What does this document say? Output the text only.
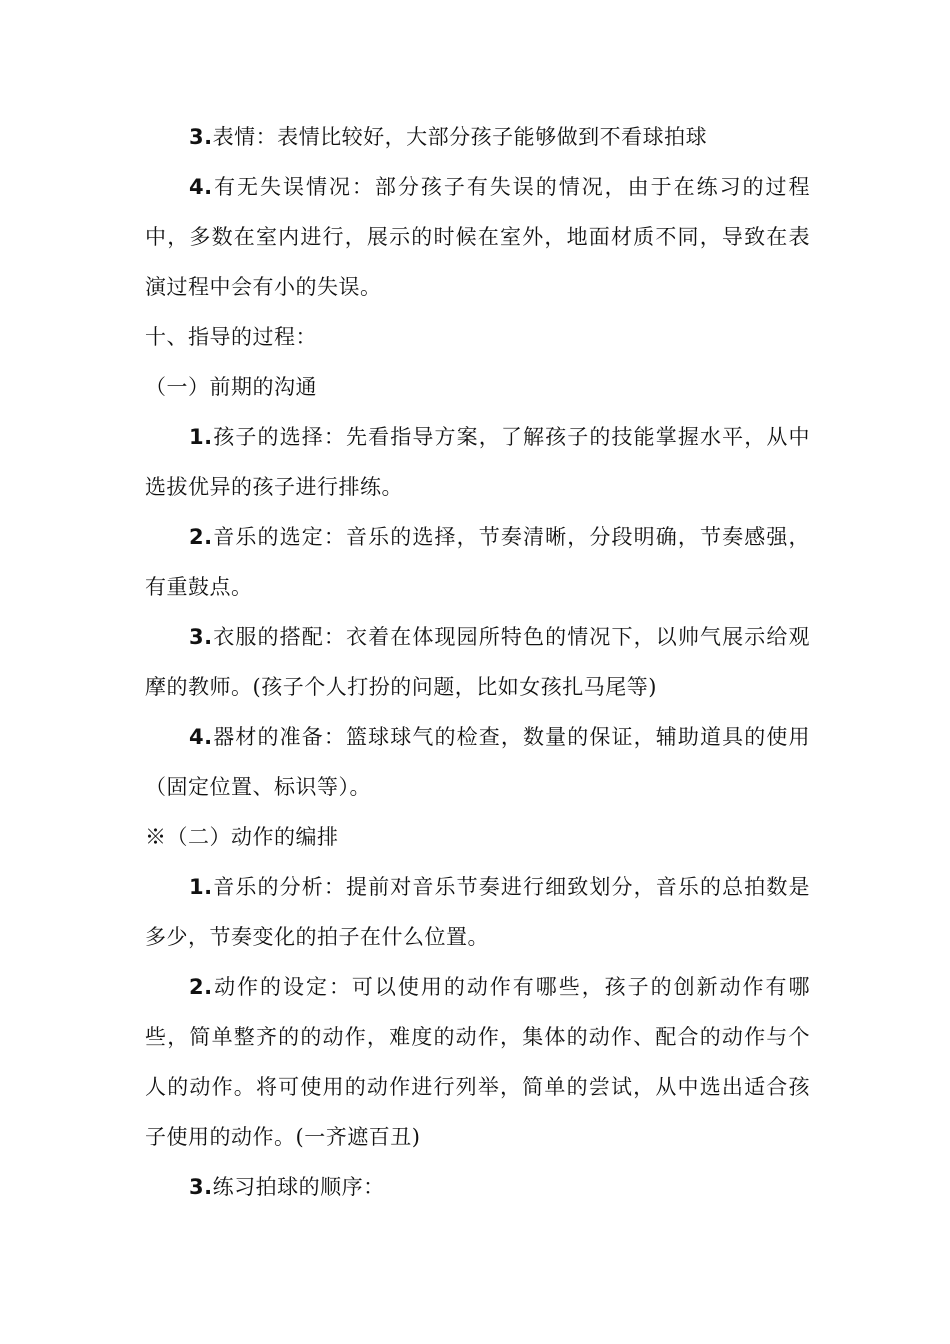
3.表情：表情比较好，大部分孩子能够做到不看球拍球

4.有无失误情况：部分孩子有失误的情况，由于在练习的过程中，多数在室内进行，展示的时候在室外，地面材质不同，导致在表演过程中会有小的失误。

十、指导的过程：

（一）前期的沟通

1.孩子的选择：先看指导方案，了解孩子的技能掌握水平，从中选拔优异的孩子进行排练。

2.音乐的选定：音乐的选择，节奏清晰，分段明确，节奏感强，有重鼓点。

3.衣服的搭配：衣着在体现园所特色的情况下，以帅气展示给观摩的教师。(孩子个人打扮的问题，比如女孩扎马尾等)

4.器材的准备：篮球球气的检查，数量的保证，辅助道具的使用（固定位置、标识等）。

※（二）动作的编排

1.音乐的分析：提前对音乐节奏进行细致划分，音乐的总拍数是多少，节奏变化的拍子在什么位置。

2.动作的设定：可以使用的动作有哪些，孩子的创新动作有哪些，简单整齐的的动作，难度的动作，集体的动作、配合的动作与个人的动作。将可使用的动作进行列举，简单的尝试，从中选出适合孩子使用的动作。(一齐遮百丑)

3.练习拍球的顺序：
